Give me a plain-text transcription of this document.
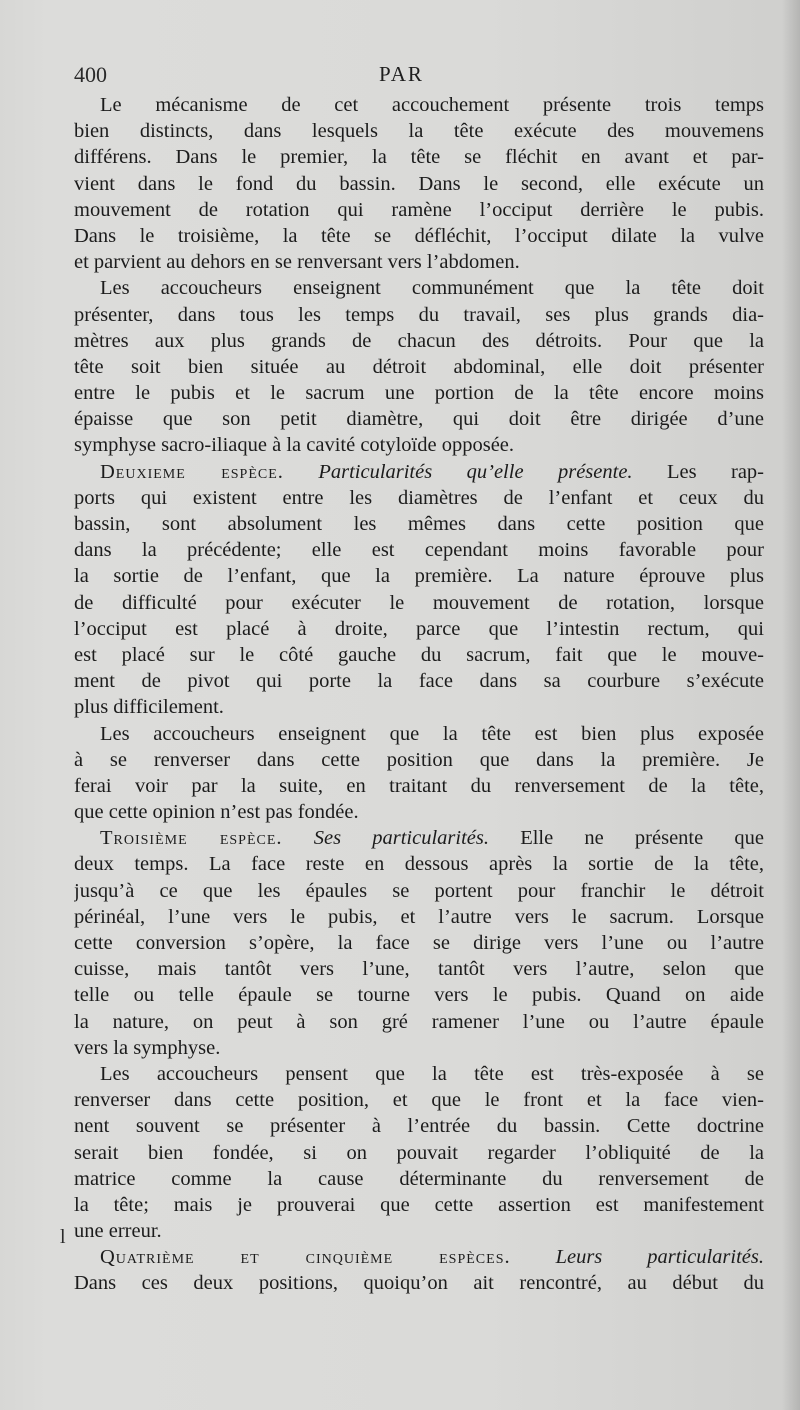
l
400	PAR
Le mécanisme de cet accouchement présente trois temps
bien distincts, dans lesquels la tête exécute des mouvemens
différens. Dans le premier, la tête se fléchit en avant et par-
vient dans le fond du bassin. Dans le second, elle exécute un
mouvement de rotation qui ramène l’occiput derrière le pubis.
Dans le troisième, la tête se défléchit, l’occiput dilate la vulve
et parvient au dehors en se renversant vers l’abdomen.
Les accoucheurs enseignent communément que la tête doit
présenter, dans tous les temps du travail, ses plus grands dia-
mètres aux plus grands de chacun des détroits. Pour que la
tête soit bien située au détroit abdominal, elle doit présenter
entre le pubis et le sacrum une portion de la tête encore moins
épaisse que son petit diamètre, qui doit être dirigée d’une
symphyse sacro-iliaque à la cavité cotyloïde opposée.
Deuxieme espèce. Particularités qu’elle présente. Les rap-
ports qui existent entre les diamètres de l’enfant et ceux du
bassin, sont absolument les mêmes dans cette position que
dans la précédente; elle est cependant moins favorable pour
la sortie de l’enfant, que la première. La nature éprouve plus
de difficulté pour exécuter le mouvement de rotation, lorsque
l’occiput est placé à droite, parce que l’intestin rectum, qui
est placé sur le côté gauche du sacrum, fait que le mouve-
ment de pivot qui porte la face dans sa courbure s’exécute
plus difficilement.
Les accoucheurs enseignent que la tête est bien plus exposée
à se renverser dans cette position que dans la première. Je
ferai voir par la suite, en traitant du renversement de la tête,
que cette opinion n’est pas fondée.
Troisième espèce. Ses particularités. Elle ne présente que
deux temps. La face reste en dessous après la sortie de la tête,
jusqu’à ce que les épaules se portent pour franchir le détroit
périnéal, l’une vers le pubis, et l’autre vers le sacrum. Lorsque
cette conversion s’opère, la face se dirige vers l’une ou l’autre
cuisse, mais tantôt vers l’une, tantôt vers l’autre, selon que
telle ou telle épaule se tourne vers le pubis. Quand on aide
la nature, on peut à son gré ramener l’une ou l’autre épaule
vers la symphyse.
Les accoucheurs pensent que la tête est très-exposée à se
renverser dans cette position, et que le front et la face vien-
nent souvent se présenter à l’entrée du bassin. Cette doctrine
serait bien fondée, si on pouvait regarder l’obliquité de la
matrice comme la cause déterminante du renversement de
la tête; mais je prouverai que cette assertion est manifestement
une erreur.
Quatrième et cinquième espèces. Leurs particularités.
Dans ces deux positions, quoiqu’on ait rencontré, au début du
